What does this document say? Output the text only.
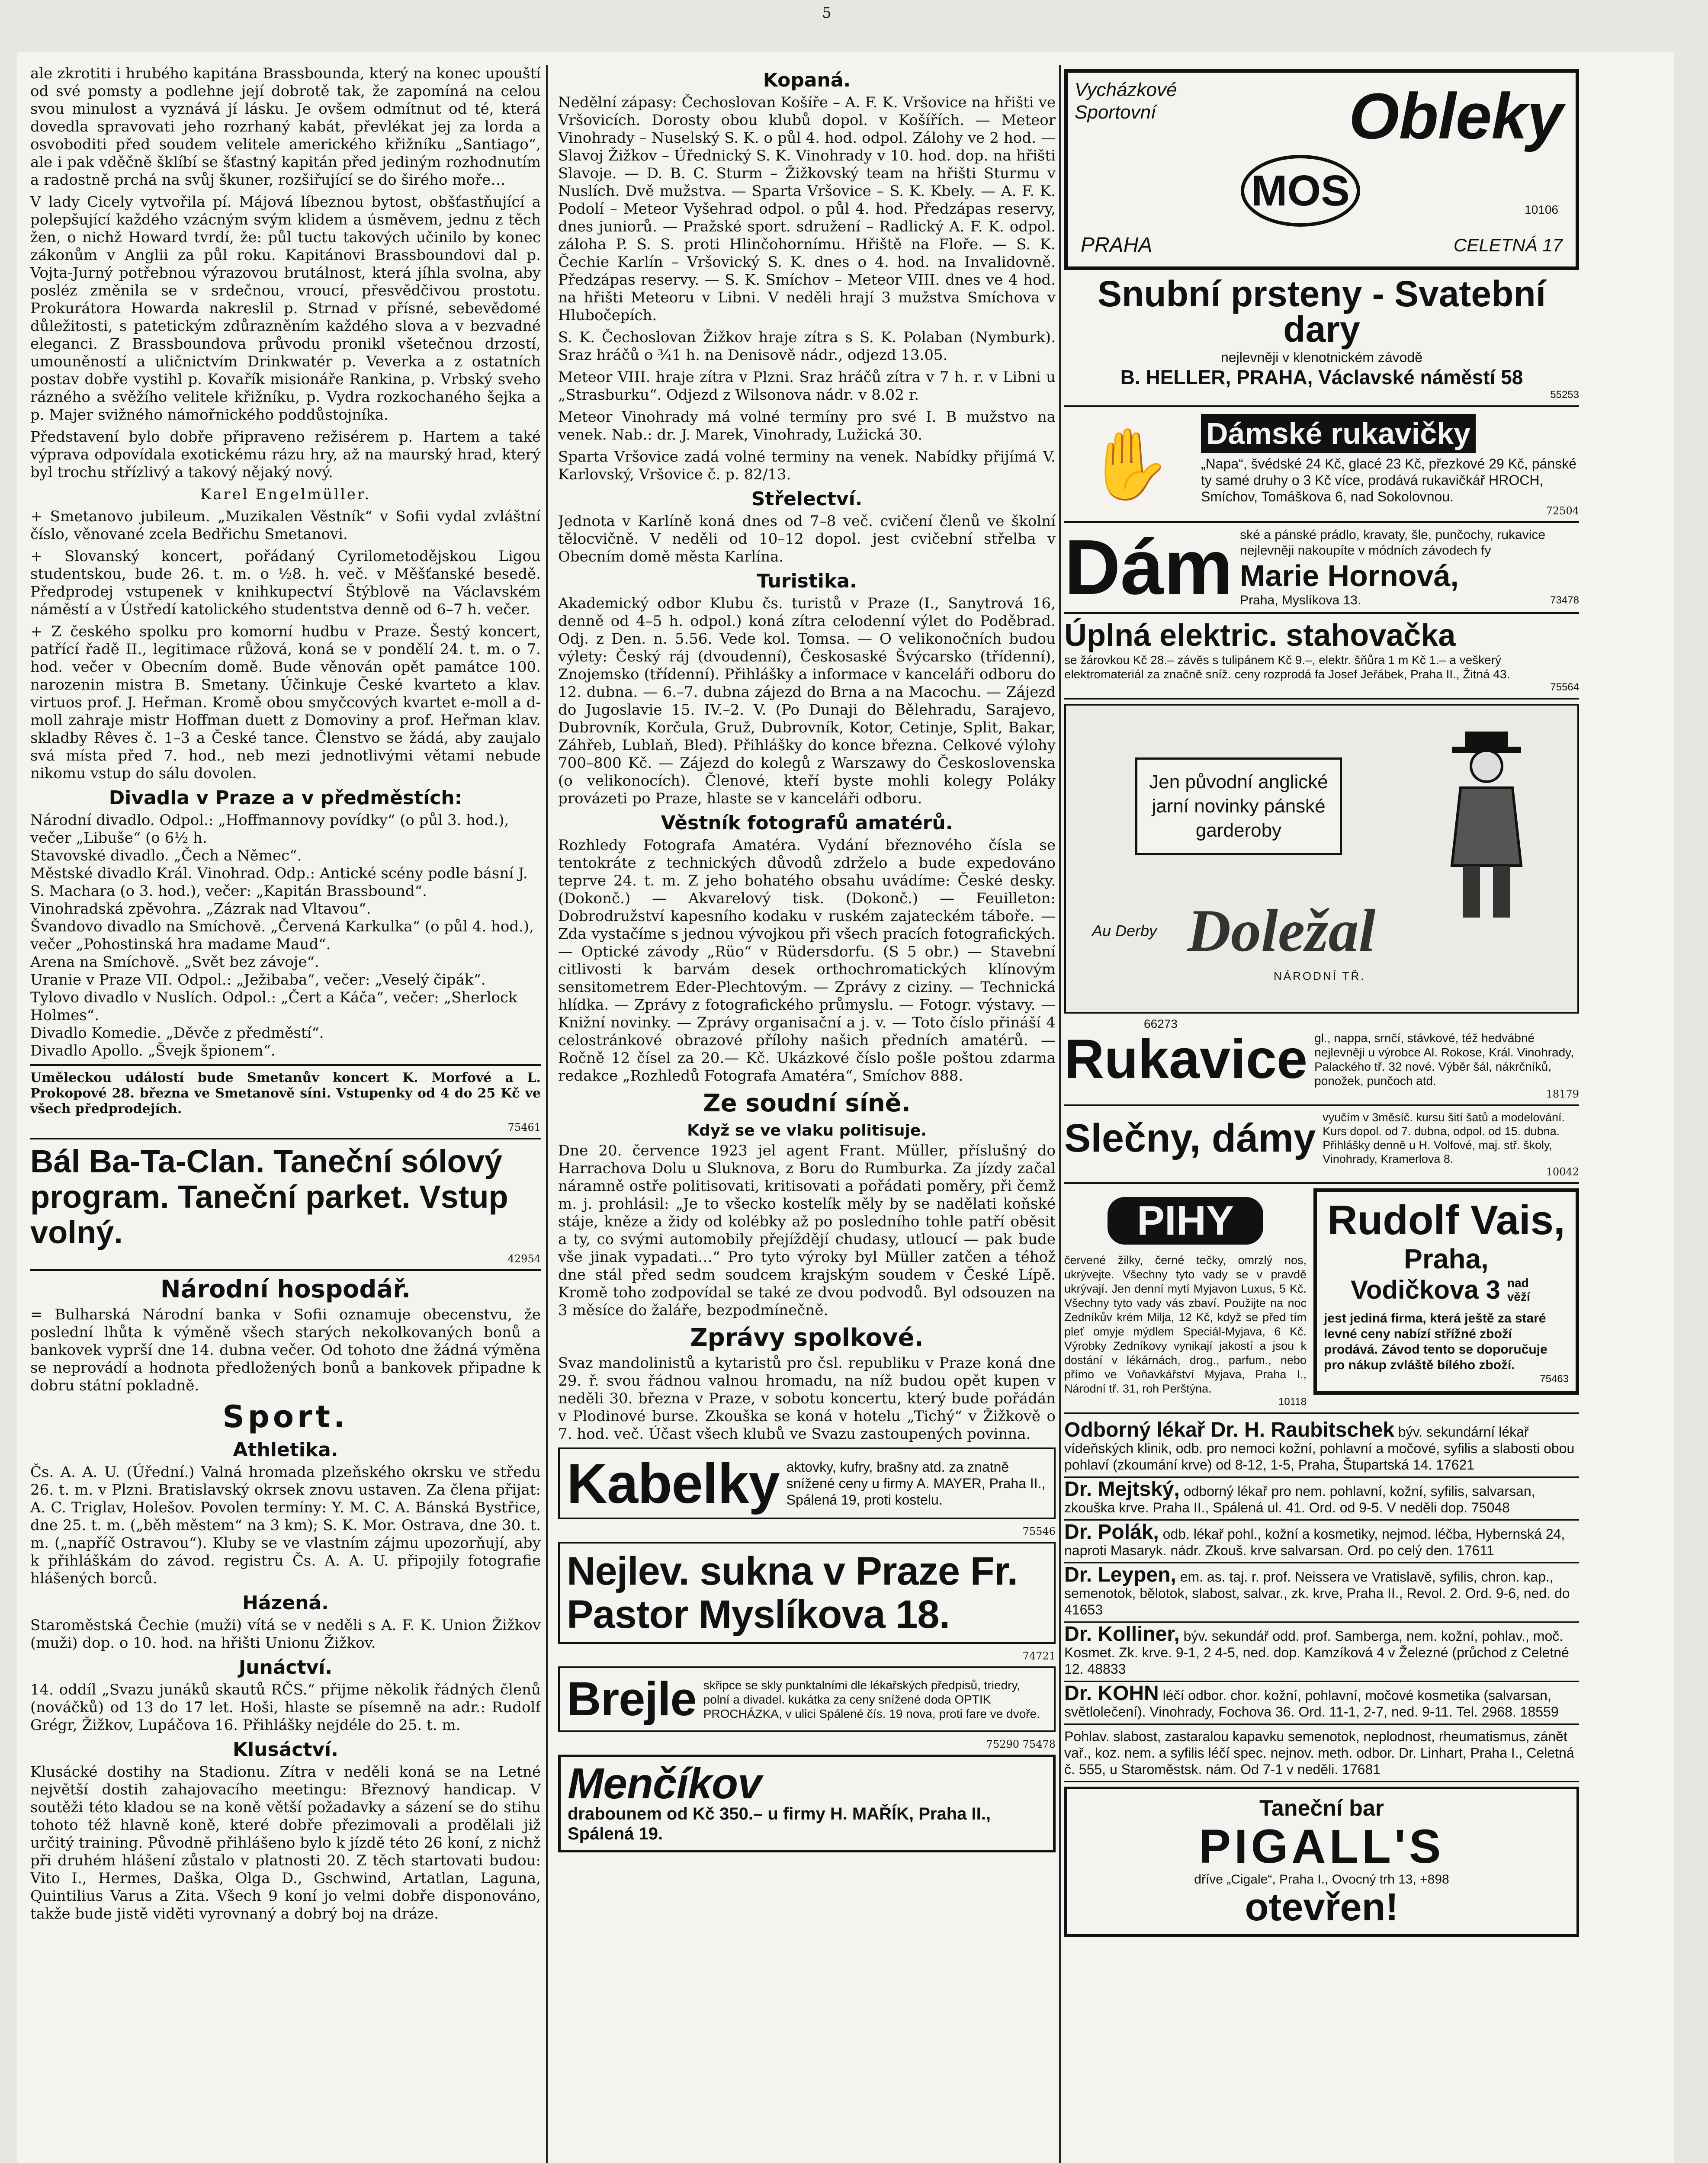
5

ale zkrotiti i hrubého kapitána Brassbounda, který na konec upouští od své pomsty a podlehne její dobrotě tak, že zapomíná na celou svou minulost a vyznává jí lásku. Je ovšem odmítnut od té, která dovedla spravovati jeho rozrhaný kabát, převlékat jej za lorda a osvoboditi před soudem velitele amerického křižníku „Santiago“, ale i pak vděčně šklíbí se šťastný kapitán před jediným rozhodnutím a radostně prchá na svůj škuner, rozšiřující se do širého moře…

V lady Cicely vytvořila pí. Májová líbeznou bytost, obšťastňující a polepšující každého vzácným svým klidem a úsměvem, jednu z těch žen, o nichž Howard tvrdí, že: půl tuctu takových učinilo by konec zákonům v Anglii za půl roku. Kapitánovi Brassboundovi dal p. Vojta-Jurný potřebnou výrazovou brutálnost, která jíhla svolna, aby posléz změnila se v srdečnou, vroucí, přesvědčivou prostotu. Prokurátora Howarda nakreslil p. Strnad v přísné, sebevědomé důležitosti, s patetickým zdůrazněním každého slova a v bezvadné eleganci. Z Brassboundova průvodu pronikl všetečnou drzostí, umouněností a uličnictvím Drinkwatér p. Veverka a z ostatních postav dobře vystihl p. Kovařík misionáře Rankina, p. Vrbský sveho rázného a svěžího velitele křižníku, p. Vydra rozkochaného šejka a p. Majer svižného námořnického poddůstojníka.

Představení bylo dobře připraveno režisérem p. Hartem a také výprava odpovídala exotickému rázu hry, až na maurský hrad, který byl trochu střízlivý a takový nějaký nový.

Karel Engelmüller.

+ Smetanovo jubileum. „Muzikalen Věstník“ v Sofii vydal zvláštní číslo, věnované zcela Bedřichu Smetanovi.

+ Slovanský koncert, pořádaný Cyrilometodějskou Ligou studentskou, bude 26. t. m. o ½8. h. več. v Měšťanské besedě. Předprodej vstupenek v knihkupectví Štýblově na Václavském náměstí a v Ústředí katolického studentstva denně od 6–7 h. večer.

+ Z českého spolku pro komorní hudbu v Praze. Šestý koncert, patřící řadě II., legitimace růžová, koná se v pondělí 24. t. m. o 7. hod. večer v Obecním domě. Bude věnován opět památce 100. narozenin mistra B. Smetany. Účinkuje České kvarteto a klav. virtuos prof. J. Heřman. Kromě obou smyčcových kvartet e-moll a d-moll zahraje mistr Hoffman duett z Domoviny a prof. Heřman klav. skladby Rêves č. 1–3 a České tance. Členstvo se žádá, aby zaujalo svá místa před 7. hod., neb mezi jednotlivými větami nebude nikomu vstup do sálu dovolen.

Divadla v Praze a v předměstích:

Národní divadlo. Odpol.: „Hoffmannovy povídky“ (o půl 3. hod.), večer „Libuše“ (o 6½ h.

Stavovské divadlo. „Čech a Němec“.

Městské divadlo Král. Vinohrad. Odp.: Antické scény podle básní J. S. Machara (o 3. hod.), večer: „Kapitán Brassbound“.

Vinohradská zpěvohra. „Zázrak nad Vltavou“.

Švandovo divadlo na Smíchově. „Červená Karkulka“ (o půl 4. hod.), večer „Pohostinská hra madame Maud“.

Arena na Smíchově. „Svět bez závoje“.

Uranie v Praze VII. Odpol.: „Ježibaba“, večer: „Veselý čipák“.

Tylovo divadlo v Nuslích. Odpol.: „Čert a Káča“, večer: „Sherlock Holmes“.

Divadlo Komedie. „Děvče z předměstí“.

Divadlo Apollo. „Švejk špionem“.

Uměleckou událostí bude Smetanův koncert K. Morfové a L. Prokopové 28. března ve Smetanově síni. Vstupenky od 4 do 25 Kč ve všech předprodejích.

75461
Bál Ba-Ta-Clan. Taneční sólový program. Taneční parket. Vstup volný.
42954
Národní hospodář.

= Bulharská Národní banka v Sofii oznamuje obecenstvu, že poslední lhůta k výměně všech starých nekolkovaných bonů a bankovek vyprší dne 14. dubna večer. Od tohoto dne žádná výměna se neprovádí a hodnota předložených bonů a bankovek připadne k dobru státní pokladně.

Sport.
Athletika.

Čs. A. A. U. (Úřední.) Valná hromada plzeňského okrsku ve středu 26. t. m. v Plzni. Bratislavský okrsek znovu ustaven. Za člena přijat: A. C. Triglav, Holešov. Povolen termíny: Y. M. C. A. Bánská Bystřice, dne 25. t. m. („běh městem“ na 3 km); S. K. Mor. Ostrava, dne 30. t. m. („napříč Ostravou“). Kluby se ve vlastním zájmu upozorňují, aby k přihláškám do závod. registru Čs. A. A. U. připojily fotografie hlášených borců.

Házená.

Staroměstská Čechie (muži) vítá se v neděli s A. F. K. Union Žižkov (muži) dop. o 10. hod. na hřišti Unionu Žižkov.

Junáctví.

14. oddíl „Svazu junáků skautů RČS.“ přijme několik řádných členů (nováčků) od 13 do 17 let. Hoši, hlaste se písemně na adr.: Rudolf Grégr, Žižkov, Lupáčova 16. Přihlášky nejdéle do 25. t. m.

Klusáctví.

Klusácké dostihy na Stadionu. Zítra v neděli koná se na Letné největší dostih zahajovacího meetingu: Březnový handicap. V soutěži této kladou se na koně větší požadavky a sázení se do stihu tohoto též hlavně koně, které dobře přezimovali a prodělali již určitý training. Původně přihlášeno bylo k jízdě této 26 koní, z nichž při druhém hlášení zůstalo v platnosti 20. Z těch startovati budou: Vito I., Hermes, Daška, Olga D., Gschwind, Artatlan, Laguna, Quintilius Varus a Zita. Všech 9 koní jo velmi dobře disponováno, takže bude jistě viděti vyrovnaný a dobrý boj na dráze.

Kopaná.

Nedělní zápasy: Čechoslovan Košíře – A. F. K. Vršovice na hřišti ve Vršovicích. Dorosty obou klubů dopol. v Košířích. — Meteor Vinohrady – Nuselský S. K. o půl 4. hod. odpol. Zálohy ve 2 hod. — Slavoj Žižkov – Úřednický S. K. Vinohrady v 10. hod. dop. na hřišti Slavoje. — D. B. C. Sturm – Žižkovský team na hřišti Sturmu v Nuslích. Dvě mužstva. — Sparta Vršovice – S. K. Kbely. — A. F. K. Podolí – Meteor Vyšehrad odpol. o půl 4. hod. Předzápas reservy, dnes juniorů. — Pražské sport. sdružení – Radlický A. F. K. odpol. záloha P. S. S. proti Hlinčohornímu. Hřiště na Floře. — S. K. Čechie Karlín – Vršovický S. K. dnes o 4. hod. na Invalidovně. Předzápas reservy. — S. K. Smíchov – Meteor VIII. dnes ve 4 hod. na hřišti Meteoru v Libni. V neděli hrají 3 mužstva Smíchova v Hlubočepích.

S. K. Čechoslovan Žižkov hraje zítra s S. K. Polaban (Nymburk). Sraz hráčů o ¾1 h. na Denisově nádr., odjezd 13.05.

Meteor VIII. hraje zítra v Plzni. Sraz hráčů zítra v 7 h. r. v Libni u „Strasburku“. Odjezd z Wilsonova nádr. v 8.02 r.

Meteor Vinohrady má volné termíny pro své I. B mužstvo na venek. Nab.: dr. J. Marek, Vinohrady, Lužická 30.

Sparta Vršovice zadá volné terminy na venek. Nabídky přijímá V. Karlovský, Vršovice č. p. 82/13.

Střelectví.

Jednota v Karlíně koná dnes od 7–8 več. cvičení členů ve školní tělocvičně. V neděli od 10–12 dopol. jest cvičební střelba v Obecním domě města Karlína.

Turistika.

Akademický odbor Klubu čs. turistů v Praze (I., Sanytrová 16, denně od 4–5 h. odpol.) koná zítra celodenní výlet do Poděbrad. Odj. z Den. n. 5.56. Vede kol. Tomsa. — O velikonočních budou výlety: Český ráj (dvoudenní), Českosaské Švýcarsko (třídenní), Znojemsko (třídenní). Přihlášky a informace v kanceláři odboru do 12. dubna. — 6.–7. dubna zájezd do Brna a na Macochu. — Zájezd do Jugoslavie 15. IV.–2. V. (Po Dunaji do Bělehradu, Sarajevo, Dubrovník, Korčula, Gruž, Dubrovník, Kotor, Cetinje, Split, Bakar, Záhřeb, Lublaň, Bled). Přihlášky do konce března. Celkové výlohy 700–800 Kč. — Zájezd do kolegů z Warszawy do Československa (o velikonocích). Členové, kteří byste mohli kolegy Poláky provázeti po Praze, hlaste se v kanceláři odboru.

Věstník fotografů amatérů.

Rozhledy Fotografa Amatéra. Vydání březnového čísla se tentokráte z technických důvodů zdrželo a bude expedováno teprve 24. t. m. Z jeho bohatého obsahu uvádíme: České desky. (Dokonč.) — Akvarelový tisk. (Dokonč.) — Feuilleton: Dobrodružství kapesního kodaku v ruském zajateckém táboře. — Zda vystačíme s jednou vývojkou při všech pracích fotografických. — Optické závody „Rüo“ v Rüdersdorfu. (S 5 obr.) — Stavební citlivosti k barvám desek orthochromatických klínovým sensitometrem Eder-Plechtovým. — Zprávy z ciziny. — Technická hlídka. — Zprávy z fotografického průmyslu. — Fotogr. výstavy. — Knižní novinky. — Zprávy organisační a j. v. — Toto číslo přináší 4 celostránkové obrazové přílohy našich předních amatérů. — Ročně 12 čísel za 20.— Kč. Ukázkové číslo pošle poštou zdarma redakce „Rozhledů Fotografa Amatéra“, Smíchov 888.

Ze soudní síně.
Když se ve vlaku politisuje.

Dne 20. července 1923 jel agent Frant. Müller, příslušný do Harrachova Dolu u Sluknova, z Boru do Rumburka. Za jízdy začal náramně ostře politisovati, kritisovati a pořádati poměry, při čemž m. j. prohlásil: „Je to všecko kostelík měly by se nadělati koňské stáje, kněze a židy od kolébky až po posledního tohle patří oběsit a ty, co svými automobily přejíždějí chudasy, utloucí — pak bude vše jinak vypadati…“ Pro tyto výroky byl Müller zatčen a téhož dne stál před sedm soudcem krajským soudem v České Lípě. Kromě toho zodpovídal se také ze dvou podvodů. Byl odsouzen na 3 měsíce do žaláře, bezpodmínečně.

Zprávy spolkové.

Svaz mandolinistů a kytaristů pro čsl. republiku v Praze koná dne 29. ř. svou řádnou valnou hromadu, na níž budou opět kupen v neděli 30. března v Praze, v sobotu koncertu, který bude pořádán v Plodinové burse. Zkouška se koná v hotelu „Tichý“ v Žižkově o 7. hod. več. Účast všech klubů ve Svazu zastoupených povinna.

Kabelky aktovky, kufry, brašny atd. za znatně snížené ceny u firmy A. MAYER, Praha II., Spálená 19, proti kostelu.
75546
Nejlev. sukna v Praze Fr. Pastor Myslíkova 18.
74721
Brejle skřipce se skly punktalními dle lékařských předpisů, triedry, polní a divadel. kukátka za ceny snížené doda OPTIK PROCHÁZKA, v ulici Spálené čís. 19 nova, proti fare ve dvoře.
75290 75478
Menčíkov
drabounem od Kč 350.– u firmy H. MAŘÍK, Praha II., Spálená 19.
Vycházkové Sportovní	Obleky
MOS
PRAHA	CELETNÁ 17
10106
Snubní prsteny - Svatební dary
nejlevněji v klenotnickém závodě
B. HELLER, PRAHA, Václavské náměstí 58
55253
✋	Dámské rukavičky
„Napa“, švédské 24 Kč, glacé 23 Kč, přezkové 29 Kč, pánské ty samé druhy o 3 Kč více, prodává rukavičkář HROCH, Smíchov, Tomáškova 6, nad Sokolovnou.
72504
Dám ské a pánské prádlo, kravaty, šle, punčochy, rukavice nejlevněji nakoupíte v módních závodech fy
Marie Hornová,
Praha, Myslíkova 13.	73478
Úplná elektric. stahovačka
se žárovkou Kč 28.– závěs s tulipánem Kč 9.–, elektr. šňůra 1 m Kč 1.– a veškerý elektromateriál za značně sníž. ceny rozprodá fa Josef Jeřábek, Praha II., Žitná 43.
75564
Jen původní anglické jarní novinky pánské garderoby
Au Derby Doležal
NÁRODNÍ TŘ.
66273
Rukavice gl., nappa, srnčí, stávkové, též hedvábné nejlevněji u výrobce Al. Rokose, Král. Vinohrady, Palackého tř. 32 nové. Výběr šál, nákrčníků, ponožek, punčoch atd.
18179
Slečny, dámy vyučím v 3měsíč. kursu šití šatů a modelování. Kurs dopol. od 7. dubna, odpol. od 15. dubna. Přihlášky denně u H. Volfové, maj. stř. školy, Vinohrady, Kramerlova 8.
10042
PIHY
červené žilky, černé tečky, omrzlý nos, ukrývejte. Všechny tyto vady se v pravdě ukrývají. Jen denní mytí Myjavon Luxus, 5 Kč. Všechny tyto vady vás zbaví. Použijte na noc Zedníkův krém Milja, 12 Kč, když se před tím pleť omyje mýdlem Speciál-Myjava, 6 Kč. Výrobky Zedníkovy vynikají jakostí a jsou k dostání v lékárnách, drog., parfum., nebo přímo ve Voňavkářství Myjava, Praha I., Národní tř. 31, roh Perštýna.
10118
Rudolf Vais,
Praha,
Vodičkova 3 nad věží
jest jediná firma, která ještě za staré levné ceny nabízí střížné zboží prodává. Závod tento se doporučuje pro nákup zvláště bílého zboží.
75463
Odborný lékař Dr. H. Raubitschek býv. sekundární lékař vídeňských klinik, odb. pro nemoci kožní, pohlavní a močové, syfilis a slabosti obou pohlaví (zkoumání krve) od 8-12, 1-5, Praha, Štupartská 14. 17621
Dr. Mejtský, odborný lékař pro nem. pohlavní, kožní, syfilis, salvarsan, zkouška krve. Praha II., Spálená ul. 41. Ord. od 9-5. V neděli dop. 75048
Dr. Polák, odb. lékař pohl., kožní a kosmetiky, nejmod. léčba, Hybernská 24, naproti Masaryk. nádr. Zkouš. krve salvarsan. Ord. po celý den. 17611
Dr. Leypen, em. as. taj. r. prof. Neissera ve Vratislavě, syfilis, chron. kap., semenotok, bělotok, slabost, salvar., zk. krve, Praha II., Revol. 2. Ord. 9-6, ned. do 41653
Dr. Kolliner, býv. sekundář odd. prof. Samberga, nem. kožní, pohlav., moč. Kosmet. Zk. krve. 9-1, 2 4-5, ned. dop. Kamzíková 4 v Železné (průchod z Celetné 12. 48833
Dr. KOHN léčí odbor. chor. kožní, pohlavní, močové kosmetika (salvarsan, světlolečení). Vinohrady, Fochova 36. Ord. 11-1, 2-7, ned. 9-11. Tel. 2968. 18559
Pohlav. slabost, zastaralou kapavku semenotok, neplodnost, rheumatismus, zánět vař., koz. nem. a syfilis léčí spec. nejnov. meth. odbor. Dr. Linhart, Praha I., Celetná č. 555, u Staroměstsk. nám. Od 7-1 v neděli. 17681
Taneční bar
PIGALL'S
dříve „Cigale“, Praha I., Ovocný trh 13, +898
otevřen!
